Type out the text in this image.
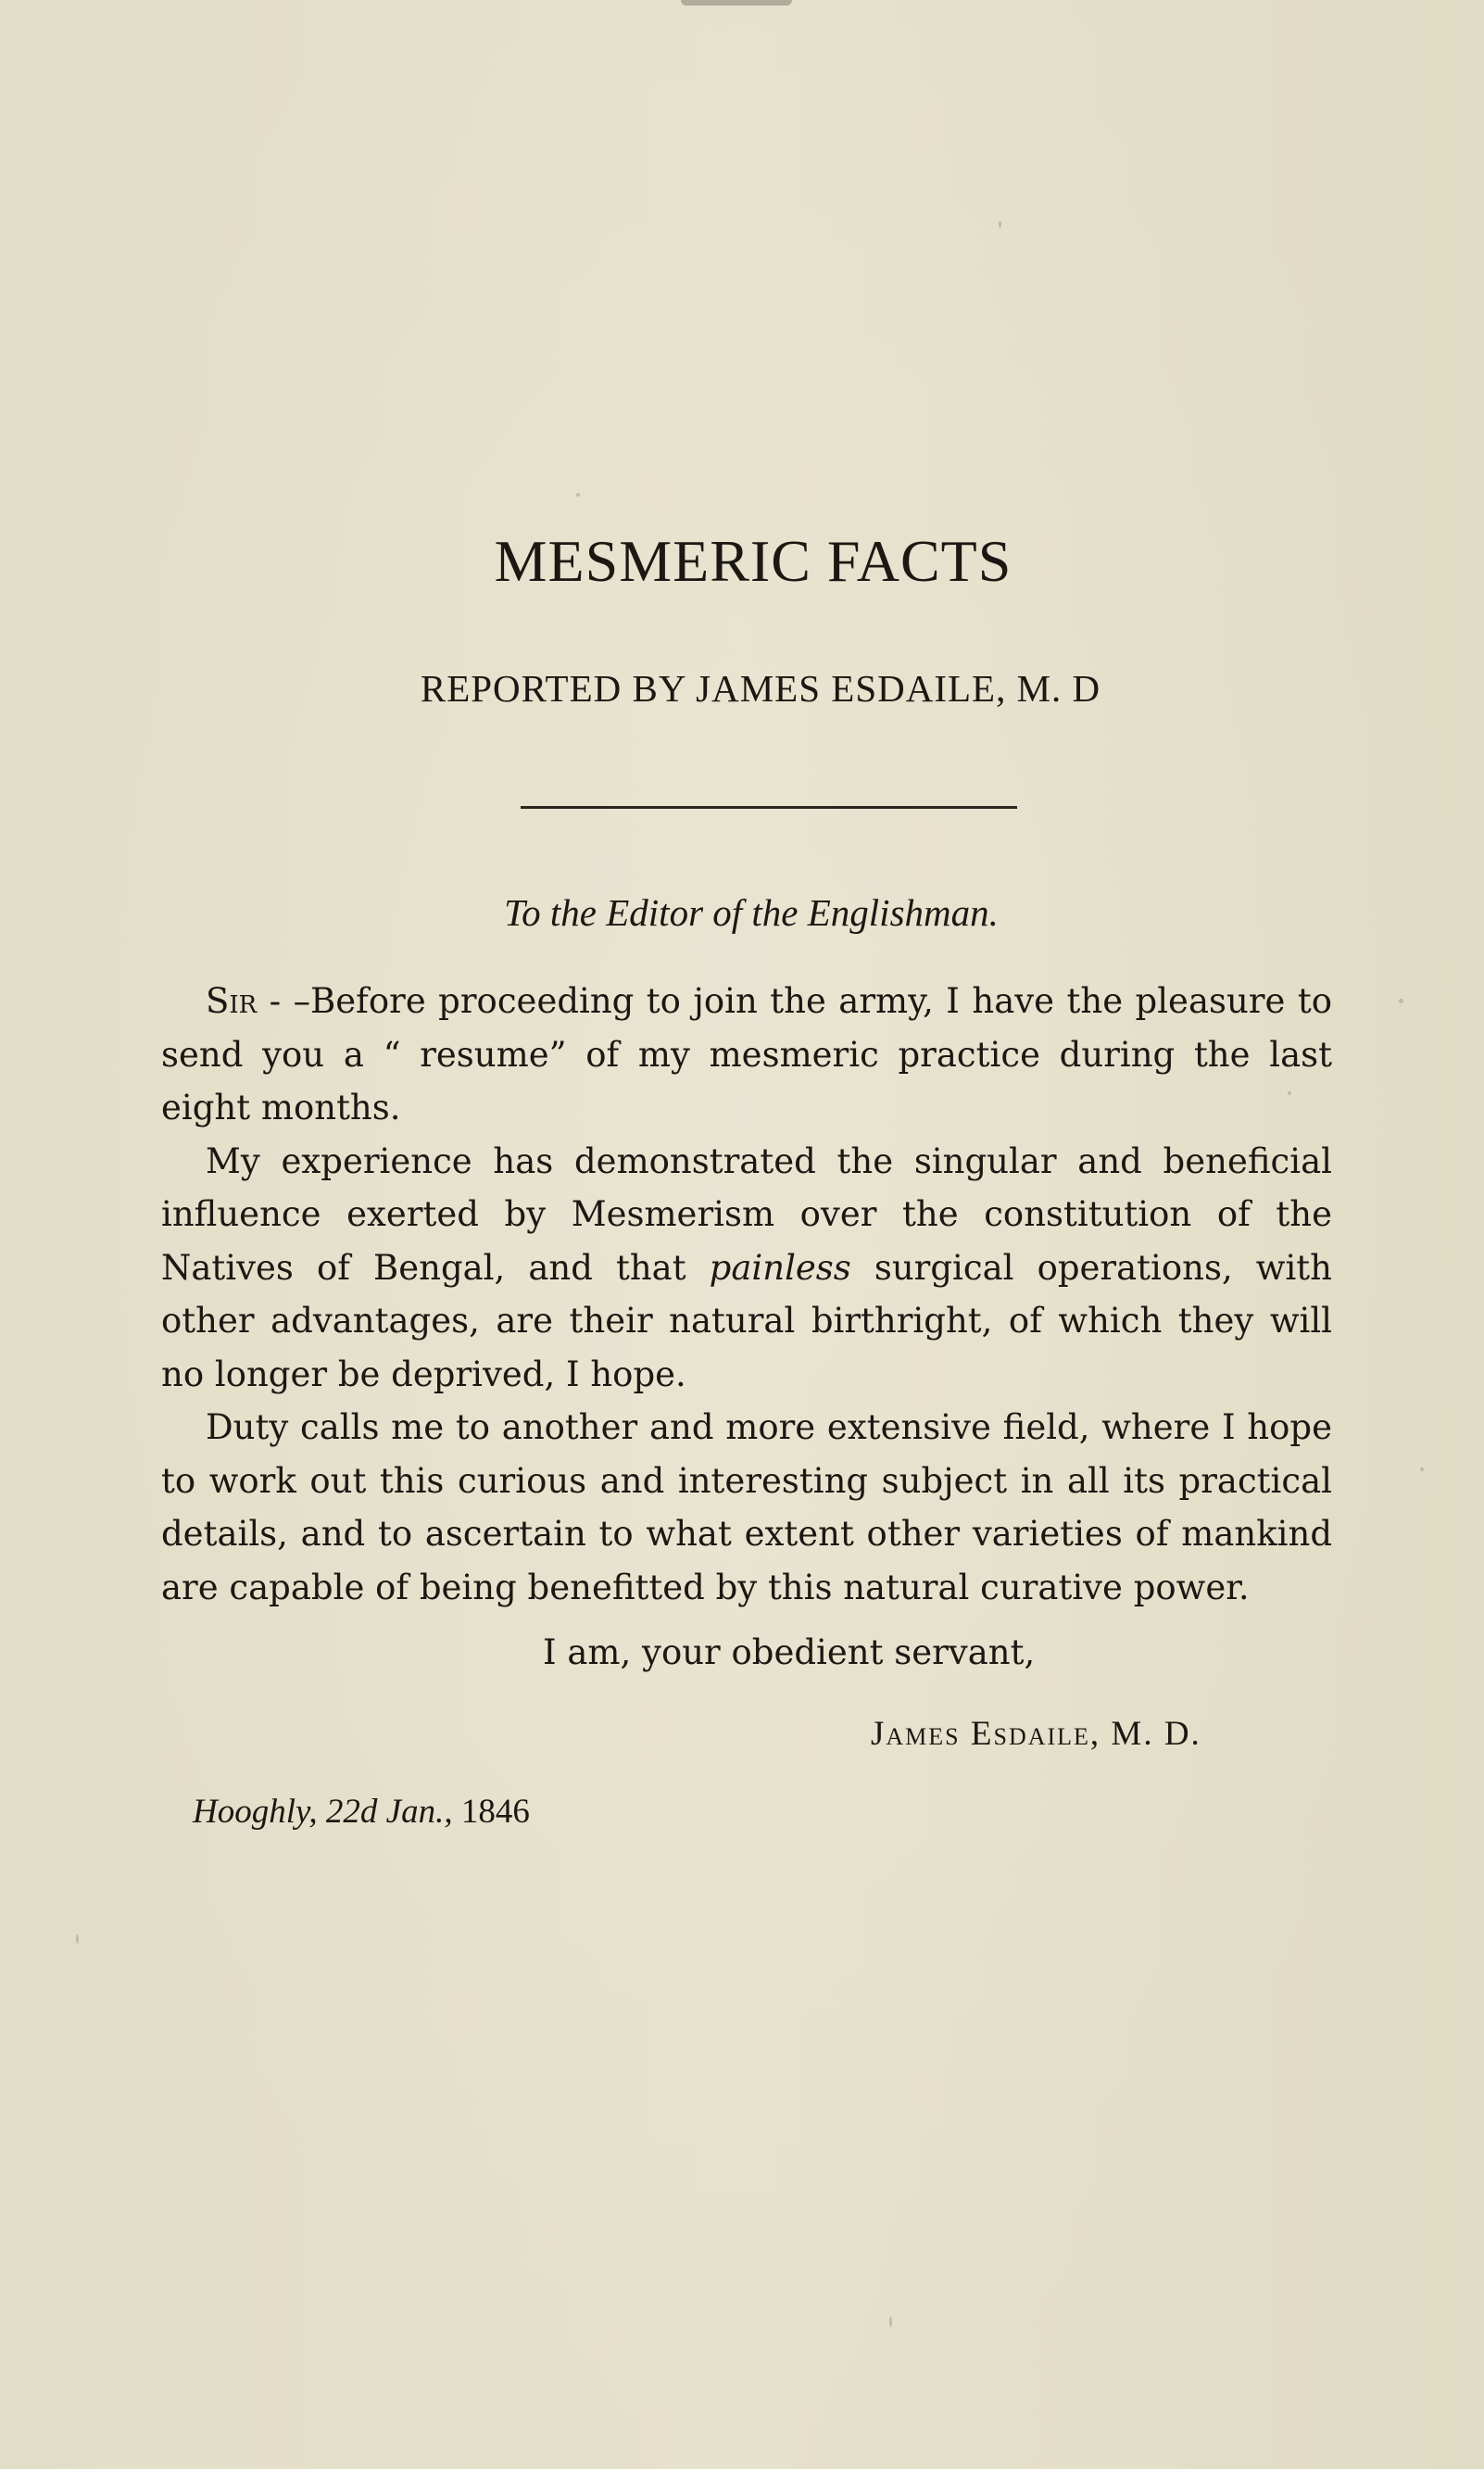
MESMERIC FACTS
REPORTED BY JAMES ESDAILE, M. D
To the Editor of the Englishman.

Sir - –Before proceeding to join the army, I have the pleasure to send you a “ resume” of my mesmeric practice during the last eight months.

My experience has demonstrated the singular and beneficial influence exerted by Mesmerism over the constitution of the Natives of Bengal, and that painless surgical operations, with other advantages, are their natural birthright, of which they will no longer be deprived, I hope.

Duty calls me to another and more extensive field, where I hope to work out this curious and interesting subject in all its practical details, and to ascertain to what extent other varieties of mankind are capable of being benefitted by this natural curative power.

I am, your obedient servant,
James Esdaile, M. D.
Hooghly, 22d Jan., 1846
